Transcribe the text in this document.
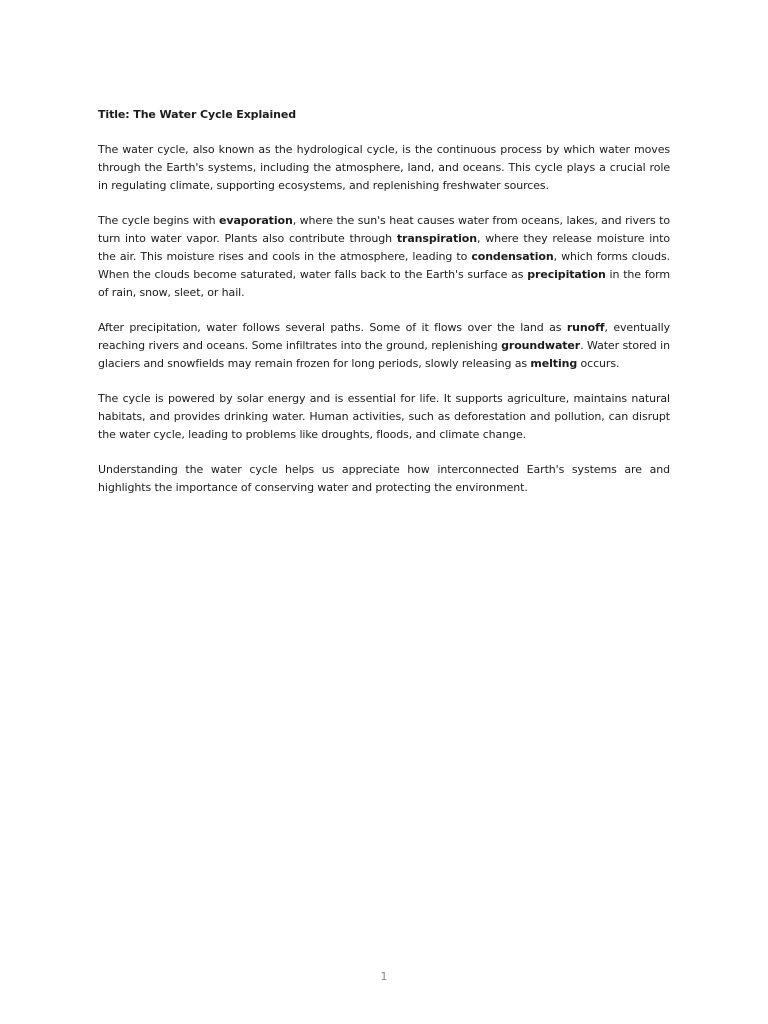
Title: The Water Cycle Explained

The water cycle, also known as the hydrological cycle, is the continuous process by which water moves through the Earth's systems, including the atmosphere, land, and oceans. This cycle plays a crucial role in regulating climate, supporting ecosystems, and replenishing freshwater sources.

The cycle begins with evaporation, where the sun's heat causes water from oceans, lakes, and rivers to turn into water vapor. Plants also contribute through transpiration, where they release moisture into the air. This moisture rises and cools in the atmosphere, leading to condensation, which forms clouds. When the clouds become saturated, water falls back to the Earth's surface as precipitation in the form of rain, snow, sleet, or hail.

After precipitation, water follows several paths. Some of it flows over the land as runoff, eventually reaching rivers and oceans. Some infiltrates into the ground, replenishing groundwater. Water stored in glaciers and snowfields may remain frozen for long periods, slowly releasing as melting occurs.

The cycle is powered by solar energy and is essential for life. It supports agriculture, maintains natural habitats, and provides drinking water. Human activities, such as deforestation and pollution, can disrupt the water cycle, leading to problems like droughts, floods, and climate change.

Understanding the water cycle helps us appreciate how interconnected Earth's systems are and highlights the importance of conserving water and protecting the environment.

1
